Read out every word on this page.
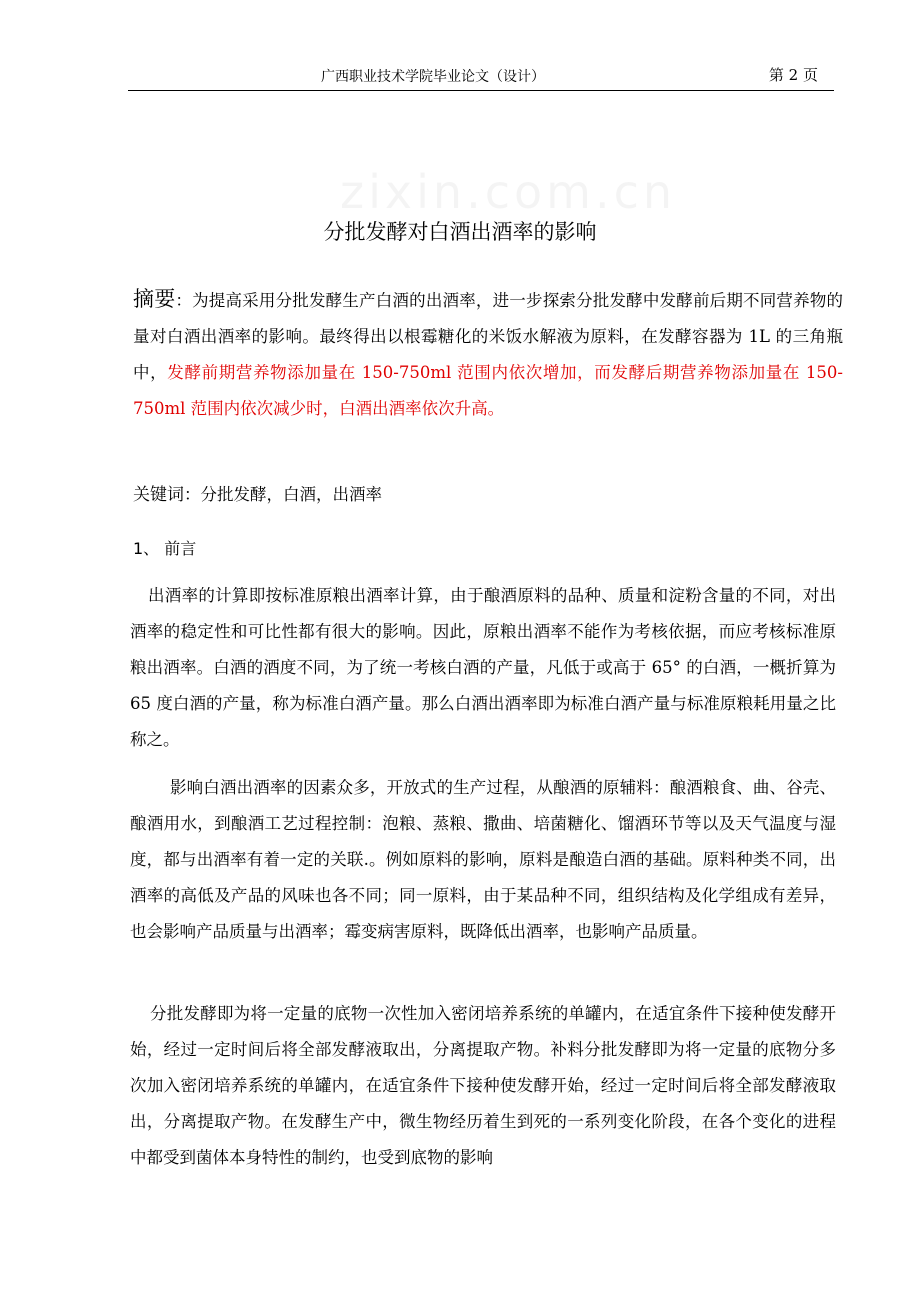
广西职业技术学院毕业论文（设计）	第 2 页
分批发酵对白酒出酒率的影响
摘要：为提高采用分批发酵生产白酒的出酒率，进一步探索分批发酵中发酵前后期不同营养物的量对白酒出酒率的影响。最终得出以根霉糖化的米饭水解液为原料，在发酵容器为 1L 的三角瓶中，发酵前期营养物添加量在 150-750ml 范围内依次增加，而发酵后期营养物添加量在 150-750ml 范围内依次减少时，白酒出酒率依次升高。
关键词：分批发酵，白酒，出酒率
1、 前言

出酒率的计算即按标准原粮出酒率计算，由于酿酒原料的品种、质量和淀粉含量的不同，对出酒率的稳定性和可比性都有很大的影响。因此，原粮出酒率不能作为考核依据，而应考核标准原粮出酒率。白酒的酒度不同，为了统一考核白酒的产量，凡低于或高于 65° 的白酒，一概折算为 65 度白酒的产量，称为标准白酒产量。那么白酒出酒率即为标准白酒产量与标准原粮耗用量之比称之。

影响白酒出酒率的因素众多，开放式的生产过程，从酿酒的原辅料：酿酒粮食、曲、谷壳、酿酒用水，到酿酒工艺过程控制：泡粮、蒸粮、撒曲、培菌糖化、馏酒环节等以及天气温度与湿度，都与出酒率有着一定的关联.。例如原料的影响，原料是酿造白酒的基础。原料种类不同，出酒率的高低及产品的风味也各不同；同一原料，由于某品种不同，组织结构及化学组成有差异，也会影响产品质量与出酒率；霉变病害原料，既降低出酒率，也影响产品质量。

分批发酵即为将一定量的底物一次性加入密闭培养系统的单罐内，在适宜条件下接种使发酵开始，经过一定时间后将全部发酵液取出，分离提取产物。补料分批发酵即为将一定量的底物分多次加入密闭培养系统的单罐内，在适宜条件下接种使发酵开始，经过一定时间后将全部发酵液取出，分离提取产物。在发酵生产中，微生物经历着生到死的一系列变化阶段，在各个变化的进程中都受到菌体本身特性的制约，也受到底物的影响
